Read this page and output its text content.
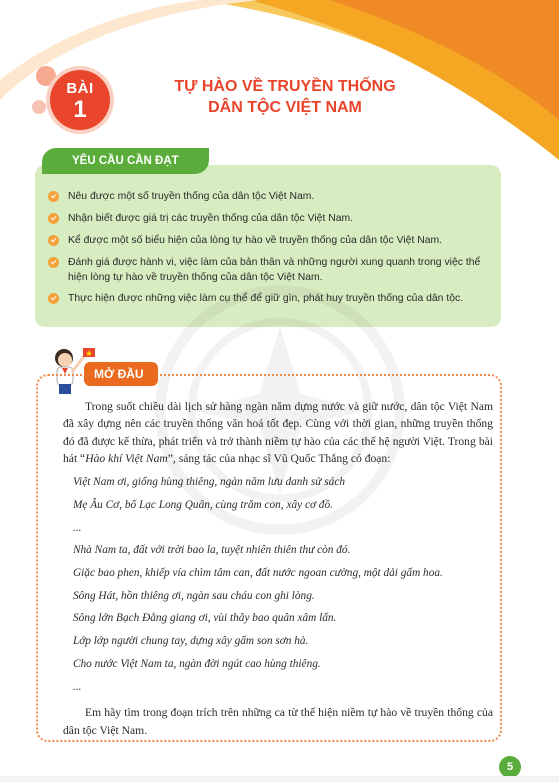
BÀI
1
TỰ HÀO VỀ TRUYỀN THỐNG
DÂN TỘC VIỆT NAM
YÊU CẦU CẦN ĐẠT
Nêu được một số truyền thống của dân tộc Việt Nam.
Nhận biết được giá trị các truyền thống của dân tộc Việt Nam.
Kể được một số biểu hiện của lòng tự hào về truyền thống của dân tộc Việt Nam.
Đánh giá được hành vi, việc làm của bản thân và những người xung quanh trong việc thể hiện lòng tự hào về truyền thống của dân tộc Việt Nam.
Thực hiện được những việc làm cụ thể để giữ gìn, phát huy truyền thống của dân tộc.
MỞ ĐẦU

Trong suốt chiều dài lịch sử hàng ngàn năm dựng nước và giữ nước, dân tộc Việt Nam đã xây dựng nên các truyền thống văn hoá tốt đẹp. Cùng với thời gian, những truyền thống đó đã được kế thừa, phát triển và trở thành niềm tự hào của các thế hệ người Việt. Trong bài hát “Hào khí Việt Nam”, sáng tác của nhạc sĩ Vũ Quốc Thắng có đoạn:

Việt Nam ơi, giống hùng thiêng, ngàn năm lưu danh sử sách
Mẹ Âu Cơ, bố Lạc Long Quân, cùng trăm con, xây cơ đồ.
...
Nhà Nam ta, đất với trời bao la, tuyệt nhiên thiên thư còn đó.
Giặc bao phen, khiếp vía chìm tâm can, đất nước ngoan cường, một dải gấm hoa.
Sông Hát, hồn thiêng ơi, ngàn sau cháu con ghi lòng.
Sông lớn Bạch Đằng giang ơi, vùi thây bao quân xâm lấn.
Lớp lớp người chung tay, dựng xây gấm son sơn hà.
Cho nước Việt Nam ta, ngàn đời ngút cao hùng thiêng.
...

Em hãy tìm trong đoạn trích trên những ca từ thể hiện niềm tự hào về truyền thống của dân tộc Việt Nam.

5
